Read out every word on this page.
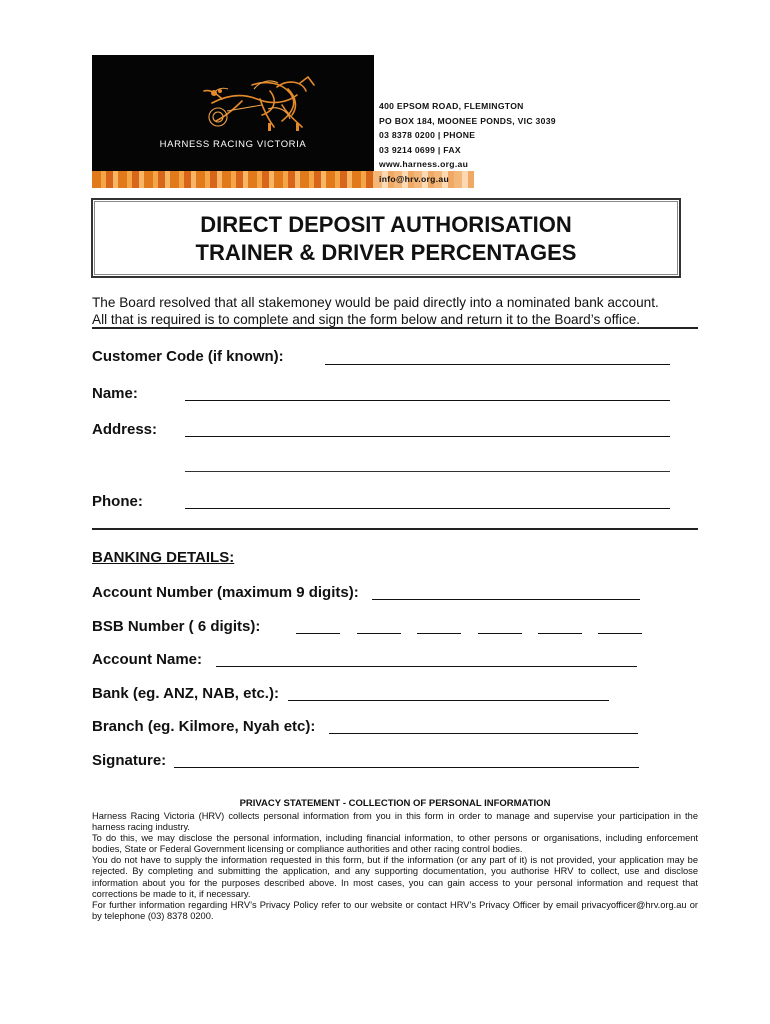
HARNESS RACING VICTORIA
400 EPSOM ROAD, FLEMINGTON
PO BOX 184, MOONEE PONDS, VIC 3039
03 8378 0200 | PHONE
03 9214 0699 | FAX
www.harness.org.au
info@hrv.org.au
DIRECT DEPOSIT AUTHORISATION
TRAINER & DRIVER PERCENTAGES
The Board resolved that all stakemoney would be paid directly into a nominated bank account.
All that is required is to complete and sign the form below and return it to the Board’s office.
Customer Code (if known):
Name:
Address:
Phone:
BANKING DETAILS:
Account Number (maximum 9 digits):
BSB Number ( 6 digits):
Account Name:
Bank (eg. ANZ, NAB, etc.):
Branch (eg. Kilmore, Nyah etc):
Signature:
PRIVACY STATEMENT - COLLECTION OF PERSONAL INFORMATION

Harness Racing Victoria (HRV) collects personal information from you in this form in order to manage and supervise your participation in the harness racing industry.

To do this, we may disclose the personal information, including financial information, to other persons or organisations, including enforcement bodies, State or Federal Government licensing or compliance authorities and other racing control bodies.

You do not have to supply the information requested in this form, but if the information (or any part of it) is not provided, your application may be rejected. By completing and submitting the application, and any supporting documentation, you authorise HRV to collect, use and disclose information about you for the purposes described above. In most cases, you can gain access to your personal information and request that corrections be made to it, if necessary.

For further information regarding HRV’s Privacy Policy refer to our website or contact HRV’s Privacy Officer by email privacyofficer@hrv.org.au or by telephone (03) 8378 0200.
